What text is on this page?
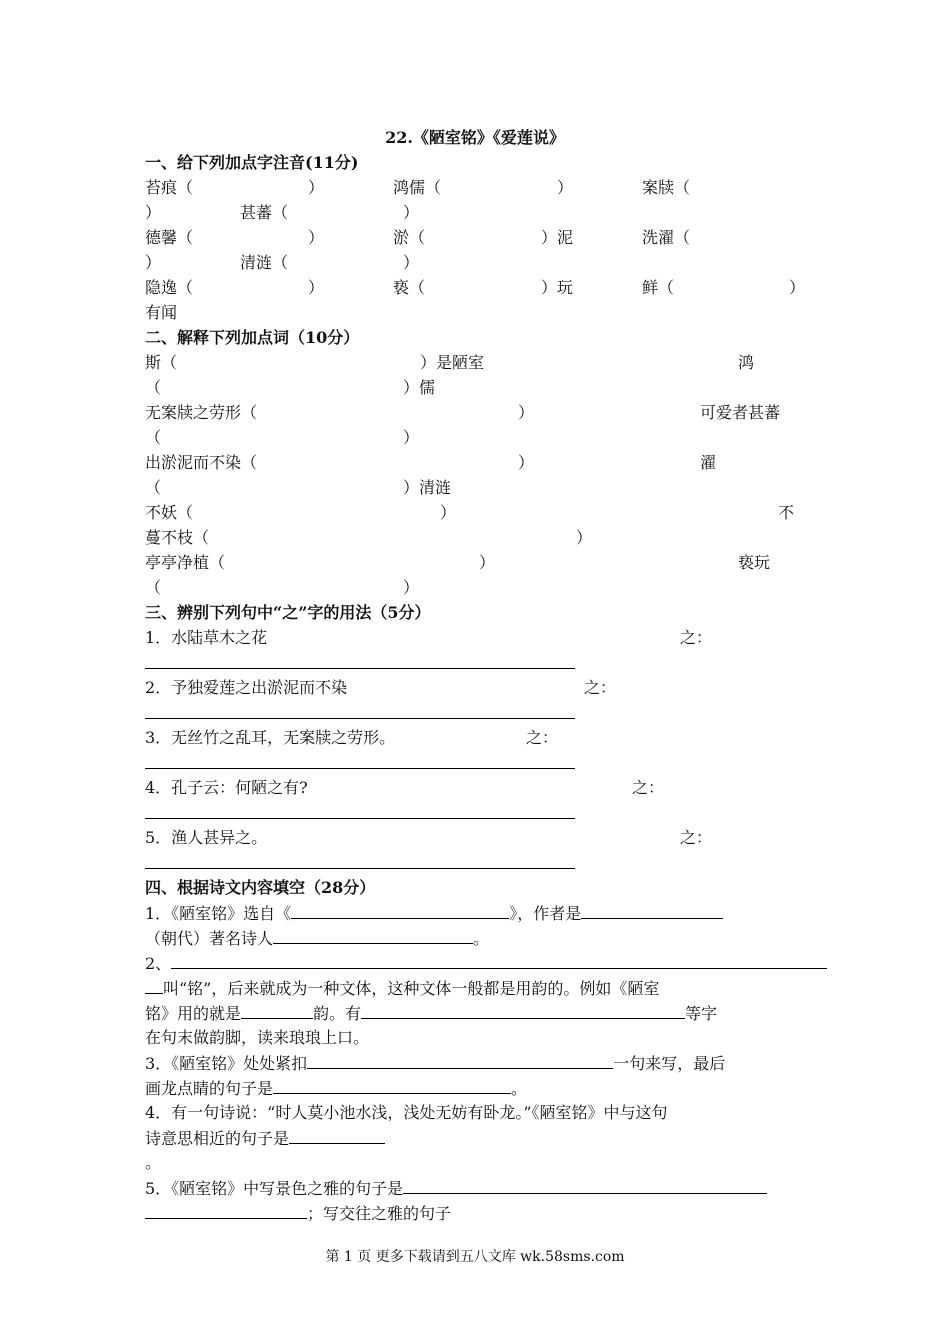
22.《陋室铭》《爱莲说》
一、给下列加点字注音(11分)
苔痕（	）	鸿儒（	）	案牍（
）	甚蕃（	）
德馨（	）	淤（	）泥	洗濯（
）	清涟（	）
隐逸（	）	亵（	）玩	鲜（	）
有闻
二、解释下列加点词（10分）
斯（	）是陋室	鸿
（	）儒
无案牍之劳形（	）	可爱者甚蕃
（	）
出淤泥而不染（	）	濯
（	）清涟
不妖（	）	不
蔓不枝（	）
亭亭净植（	）	亵玩
（	）
三、辨别下列句中“之”字的用法（5分）
1．水陆草木之花	之：
2．予独爱莲之出淤泥而不染	之：
3．无丝竹之乱耳，无案牍之劳形。	之：
4．孔子云：何陋之有?	之：
5．渔人甚异之。	之：
四、根据诗文内容填空（28分）
1．《陋室铭》选自《	》，作者是
（朝代）著名诗人	。
2、
叫“铭”，后来就成为一种文体，这种文体一般都是用韵的。例如《陋室
铭》用的就是	韵。有	等字
在句末做韵脚，读来琅琅上口。
3．《陋室铭》处处紧扣	一句来写，最后
画龙点睛的句子是	。
4．有一句诗说：“时人莫小池水浅，浅处无妨有卧龙。”《陋室铭》中与这句
诗意思相近的句子是
。
5．《陋室铭》中写景色之雅的句子是
；写交往之雅的句子
第 1 页 更多下载请到五八文库 wk.58sms.com
